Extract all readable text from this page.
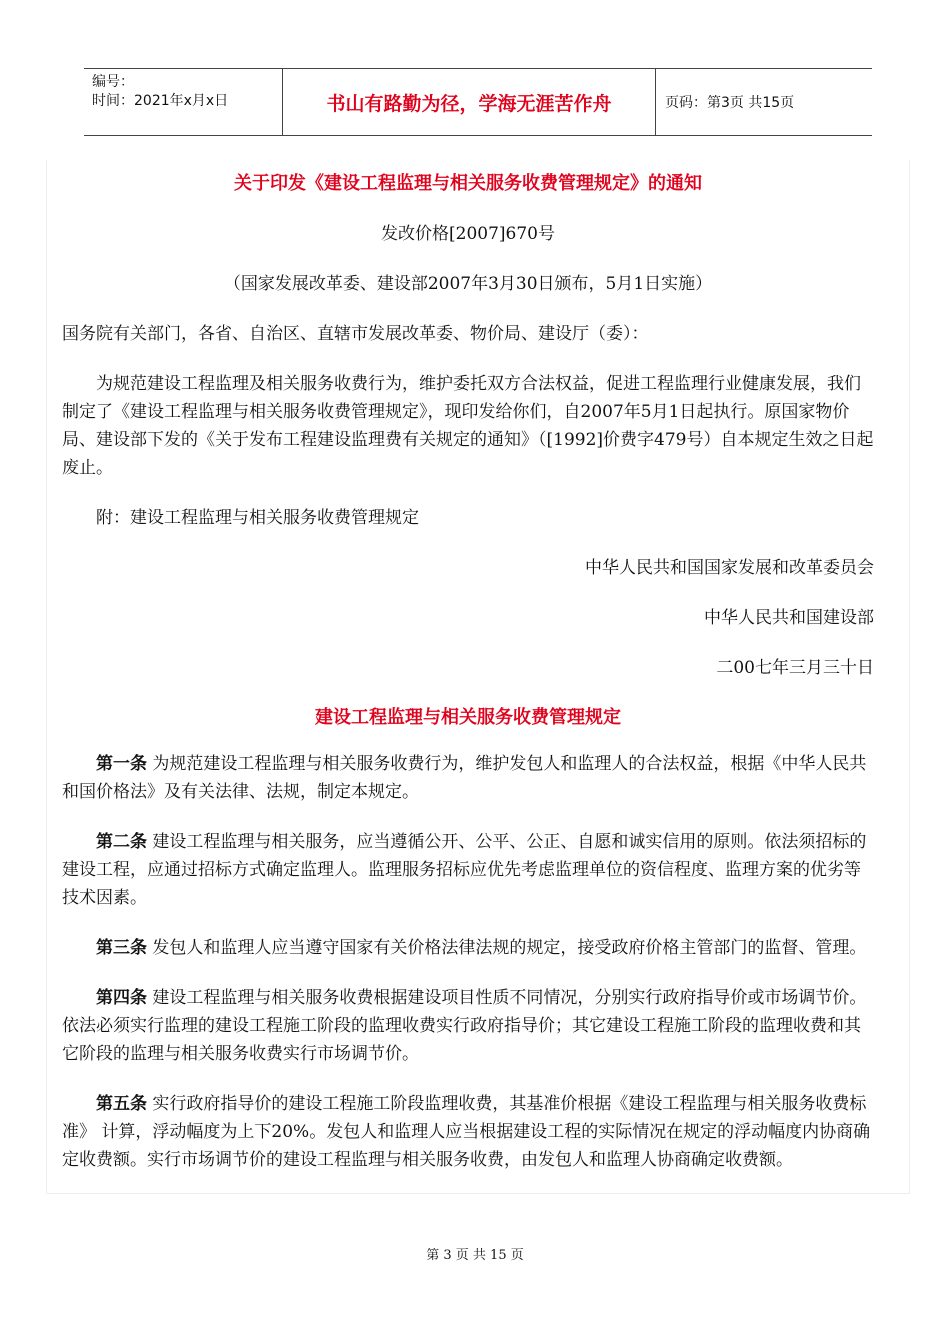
编号：
时间：2021年x月x日	书山有路勤为径，学海无涯苦作舟	页码：第3页 共15页
关于印发《建设工程监理与相关服务收费管理规定》的通知
发改价格[2007]670号
（国家发展改革委、建设部2007年3月30日颁布，5月1日实施）
国务院有关部门，各省、自治区、直辖市发展改革委、物价局、建设厅（委）：
为规范建设工程监理及相关服务收费行为，维护委托双方合法权益，促进工程监理行业健康发展，我们制定了《建设工程监理与相关服务收费管理规定》，现印发给你们，自2007年5月1日起执行。原国家物价局、建设部下发的《关于发布工程建设监理费有关规定的通知》（[1992]价费字479号）自本规定生效之日起废止。
附：建设工程监理与相关服务收费管理规定
中华人民共和国国家发展和改革委员会
中华人民共和国建设部
二00七年三月三十日
建设工程监理与相关服务收费管理规定
第一条 为规范建设工程监理与相关服务收费行为，维护发包人和监理人的合法权益，根据《中华人民共和国价格法》及有关法律、法规，制定本规定。
第二条 建设工程监理与相关服务，应当遵循公开、公平、公正、自愿和诚实信用的原则。依法须招标的建设工程，应通过招标方式确定监理人。监理服务招标应优先考虑监理单位的资信程度、监理方案的优劣等技术因素。
第三条 发包人和监理人应当遵守国家有关价格法律法规的规定，接受政府价格主管部门的监督、管理。
第四条 建设工程监理与相关服务收费根据建设项目性质不同情况，分别实行政府指导价或市场调节价。依法必须实行监理的建设工程施工阶段的监理收费实行政府指导价；其它建设工程施工阶段的监理收费和其它阶段的监理与相关服务收费实行市场调节价。
第五条 实行政府指导价的建设工程施工阶段监理收费，其基准价根据《建设工程监理与相关服务收费标准》 计算，浮动幅度为上下20%。发包人和监理人应当根据建设工程的实际情况在规定的浮动幅度内协商确定收费额。实行市场调节价的建设工程监理与相关服务收费，由发包人和监理人协商确定收费额。
第 3 页 共 15 页
